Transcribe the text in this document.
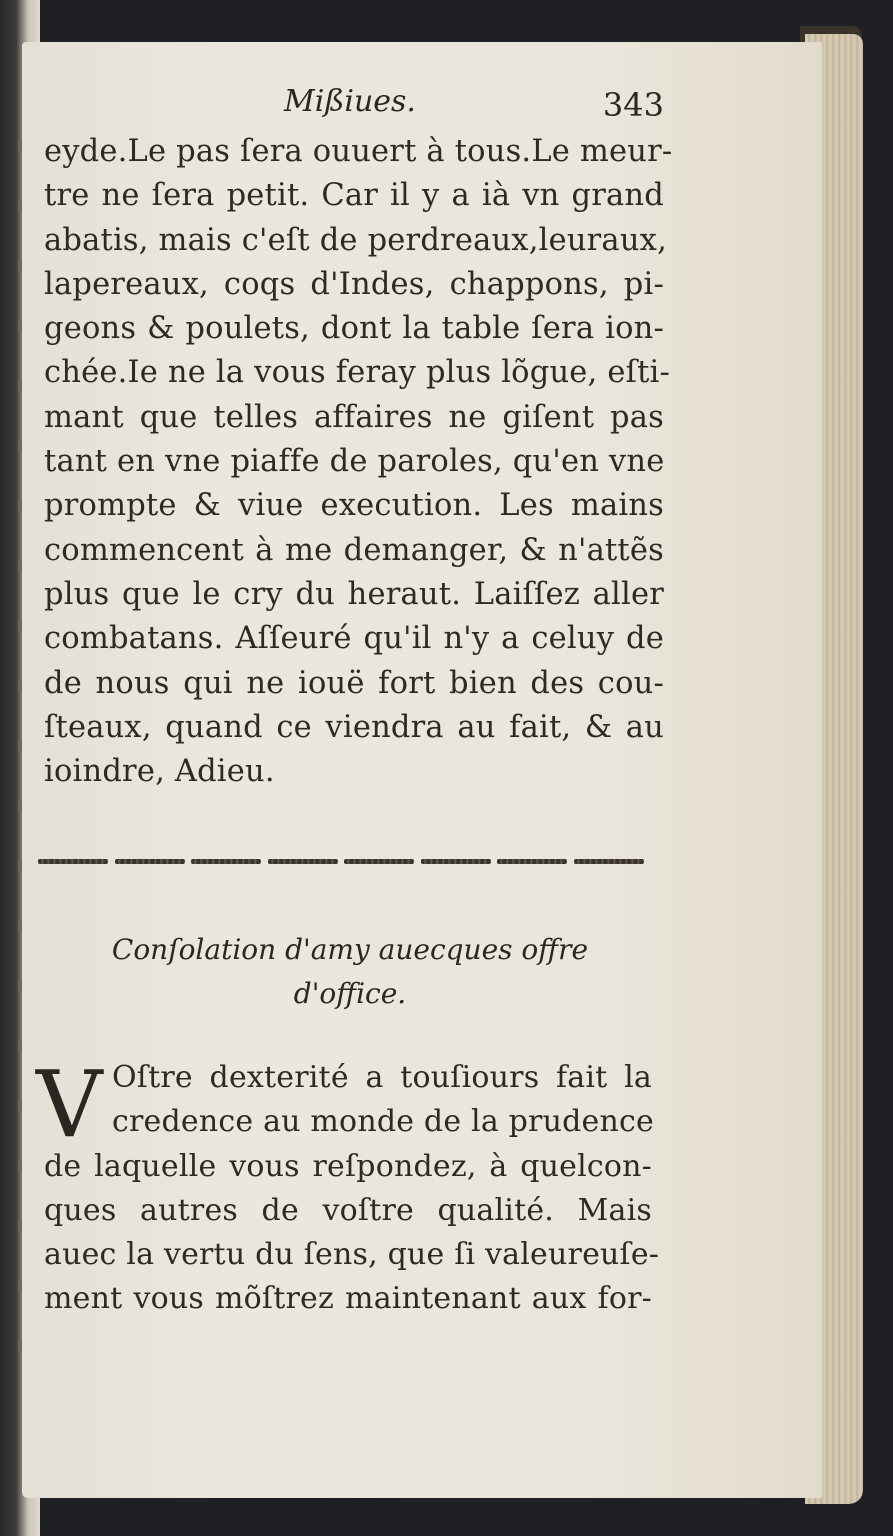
Mißiues.	343
eyde.Le pas ſera ouuert à tous.Le meur-
tre ne ſera petit. Car il y a ià vn grand
abatis, mais c'eſt de perdreaux,leuraux,
lapereaux, coqs d'Indes, chappons, pi-
geons & poulets, dont la table ſera ion-
chée.Ie ne la vous feray plus lõgue, eſti-
mant que telles affaires ne giſent pas
tant en vne piaffe de paroles, qu'en vne
prompte & viue execution. Les mains
commencent à me demanger, & n'attẽs
plus que le cry du heraut. Laiſſez aller
combatans. Aſſeuré qu'il n'y a celuy de
de nous qui ne iouë fort bien des cou-
ſteaux, quand ce viendra au fait, & au
ioindre, Adieu.
Conſolation d'amy auecques offre
d'office.
V Oſtre dexterité a touſiours fait la
credence au monde de la prudence
de laquelle vous reſpondez, à quelcon-
ques autres de voſtre qualité. Mais
auec la vertu du ſens, que ſi valeureuſe-
ment vous mõſtrez maintenant aux for-
